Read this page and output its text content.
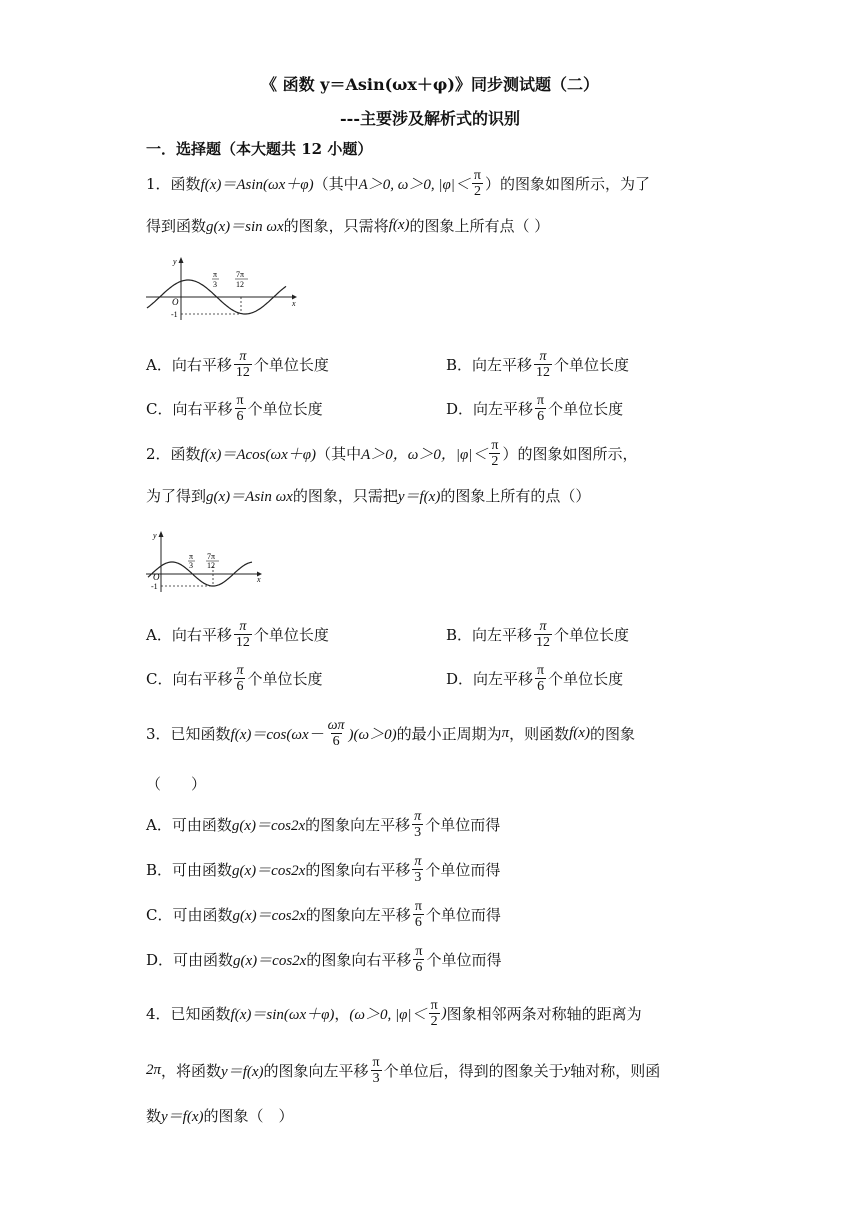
《 函数 y＝Asin(ωx＋φ)》同步测试题（二）
---主要涉及解析式的识别
一．选择题（本大题共 12 小题）
1．函数 f(x)＝Asin(ωx＋φ) （其中 A＞0, ω＞0, $|\varphi|< \frac{\pi}{2}$ ）的图象如图所示，为了
得到函数 g(x)＝sin ωx 的图象，只需将 f(x) 的图象上所有点（ ）
y
x
O
-1
π
3
7π
12
A．向右平移 $\frac{\pi}{12}$ 个单位长度	B．向左平移 $\frac{\pi}{12}$ 个单位长度
C．向右平移 $\frac{\pi}{6}$ 个单位长度	D．向左平移 $\frac{\pi}{6}$ 个单位长度
2．函数 f(x)＝Acos(ωx＋φ) （其中 A＞0，ω＞0，$|\varphi|< \frac{\pi}{2}$ ）的图象如图所示，
为了得到 g(x)＝Asin ωx 的图象，只需把 y＝f(x) 的图象上所有的点（）
y
x
O
-1
π
3
7π
12
A．向右平移 $\frac{\pi}{12}$ 个单位长度	B．向左平移 $\frac{\pi}{12}$ 个单位长度
C．向右平移 $\frac{\pi}{6}$ 个单位长度	D．向左平移 $\frac{\pi}{6}$ 个单位长度
3．已知函数 $f(x)=\cos(\omega x- \frac{\omega\pi}{6} )(\omega>0)$ 的最小正周期为 π ，则函数 f(x) 的图象
（　　）
A．可由函数 g(x)＝cos2x 的图象向左平移 $\frac{\pi}{3}$ 个单位而得
B．可由函数 g(x)＝cos2x 的图象向右平移 $\frac{\pi}{3}$ 个单位而得
C．可由函数 g(x)＝cos2x 的图象向左平移 $\frac{\pi}{6}$ 个单位而得
D．可由函数 g(x)＝cos2x 的图象向右平移 $\frac{\pi}{6}$ 个单位而得
4．已知函数 f(x)＝sin(ωx＋φ) ， (ω＞0, $|\varphi|< \frac{\pi}{2}$ ) 图象相邻两条对称轴的距离为
2π ，将函数 y＝f(x) 的图象向左平移 $\frac{\pi}{3}$ 个单位后，得到的图象关于 y 轴对称，则函
数 y＝f(x) 的图象（　）
